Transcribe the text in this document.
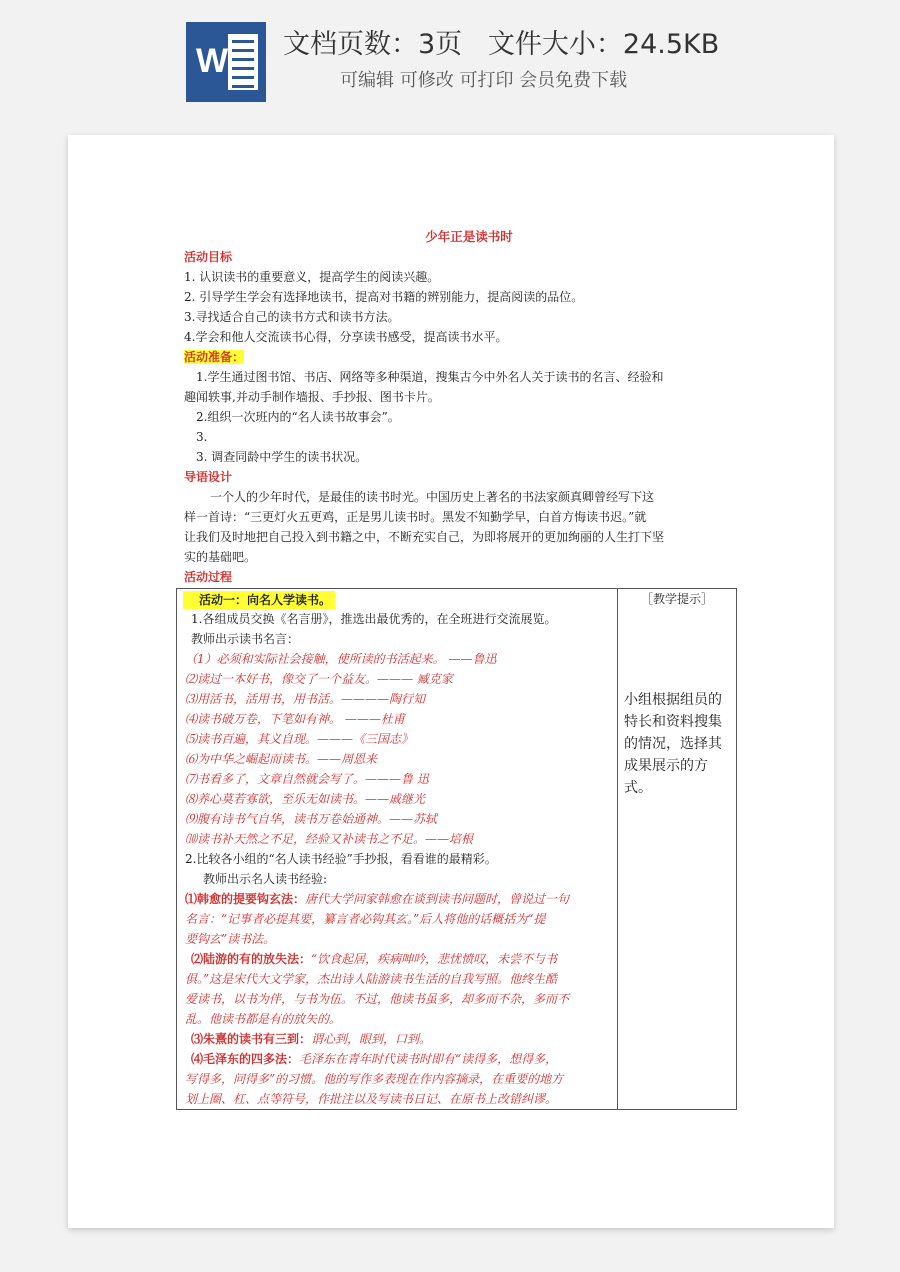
W 文档页数：3页   文件大小：24.5KB
可编辑 可修改 可打印 会员免费下载
少年正是读书时
活动目标
1. 认识读书的重要意义，提高学生的阅读兴趣。
2. 引导学生学会有选择地读书，提高对书籍的辨别能力，提高阅读的品位。
3.寻找适合自己的读书方式和读书方法。
4.学会和他人交流读书心得，分享读书感受，提高读书水平。
活动准备：
1.学生通过图书馆、书店、网络等多种渠道，搜集古今中外名人关于读书的名言、经验和
趣闻轶事,并动手制作墙报、手抄报、图书卡片。
2.组织一次班内的“名人读书故事会”。
3.
3. 调查同龄中学生的读书状况。
导语设计
一个人的少年时代，是最佳的读书时光。中国历史上著名的书法家颜真卿曾经写下这
样一首诗：“三更灯火五更鸡，正是男儿读书时。黑发不知勤学早，白首方悔读书迟。”就
让我们及时地把自己投入到书籍之中，不断充实自己，为即将展开的更加绚丽的人生打下坚
实的基础吧。
活动过程
活动一：向名人学读书。
1.各组成员交换《名言册》，推选出最优秀的，在全班进行交流展览。
教师出示读书名言：
（1）必须和实际社会接触，使所读的书活起来。 ——鲁迅
⑵读过一本好书，像交了一个益友。——— 臧克家
⑶用活书，活用书，用书活。————陶行知
⑷读书破万卷，下笔如有神。 ———杜甫
⑸读书百遍，其义自现。———《三国志》
⑹为中华之崛起而读书。——周恩来
⑺书看多了，文章自然就会写了。———鲁 迅
⑻养心莫若寡欲，至乐无如读书。——戚继光
⑼腹有诗书气自华，读书万卷始通神。——苏轼
⑽读书补天然之不足，经验又补读书之不足。——培根
2.比较各小组的“名人读书经验”手抄报，看看谁的最精彩。
教师出示名人读书经验:
⑴韩愈的提要钩玄法：唐代大学问家韩愈在谈到读书问题时，曾说过一句
名言：“记事者必提其要，纂言者必钩其玄。”后人将他的话概括为“提
要钩玄”读书法。
⑵陆游的有的放失法：“饮食起居，疾病呻吟，悲忧愤叹，未尝不与书
俱。”这是宋代大文学家，杰出诗人陆游读书生活的自我写照。他终生酷
爱读书，以书为伴，与书为伍。不过，他读书虽多，却多而不杂，多而不
乱。他读书都是有的放矢的。
⑶朱熹的读书有三到：谓心到，眼到，口到。
⑷毛泽东的四多法：毛泽东在青年时代读书时即有“读得多，想得多，
写得多，问得多”的习惯。他的写作多表现在作内容摘录，在重要的地方
划上圈、杠、点等符号，作批注以及写读书日记、在原书上改错纠谬。

［教学提示］
小组根据组员的特长和资料搜集的情况，选择其成果展示的方式。
